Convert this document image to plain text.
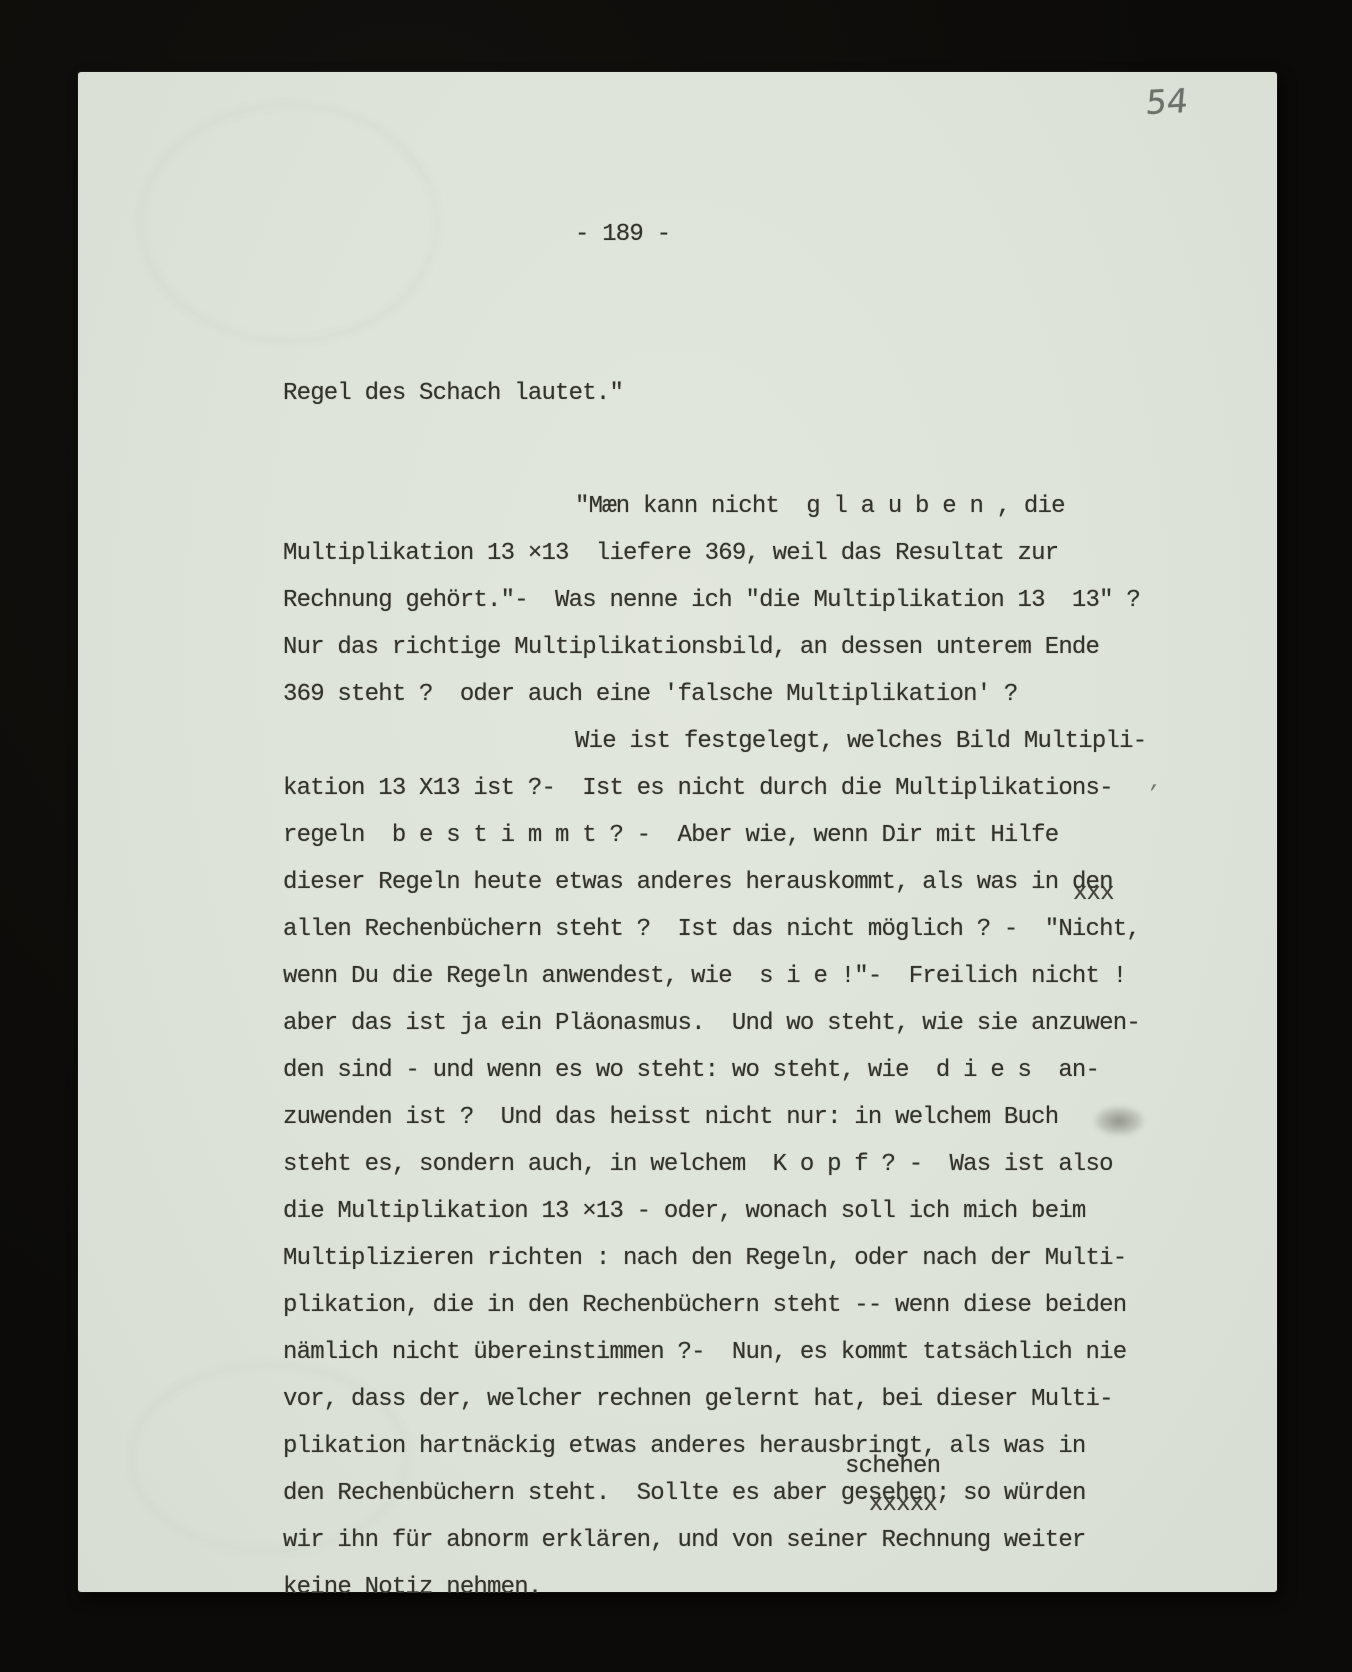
54

- 189 -

Regel des Schach lautet."
"Mæn kann nicht  g l a u b e n , die
Multiplikation 13 ×13  liefere 369, weil das Resultat zur
Rechnung gehört."-  Was nenne ich "die Multiplikation 13  13" ?
Nur das richtige Multiplikationsbild, an dessen unterem Ende
369 steht ?  oder auch eine 'falsche Multiplikation' ?
Wie ist festgelegt, welches Bild Multipli-
kation 13 X13 ist ?-  Ist es nicht durch die Multiplikations-
regeln  b e s t i m m t ? -  Aber wie, wenn Dir mit Hilfe
dieser Regeln heute etwas anderes herauskommt, als was in den xxx
allen Rechenbüchern steht ?  Ist das nicht möglich ? -  "Nicht,
wenn Du die Regeln anwendest, wie  s i e !"-  Freilich nicht !
aber das ist ja ein Pläonasmus.  Und wo steht, wie sie anzuwen-
den sind - und wenn es wo steht: wo steht, wie  d i e s  an-
zuwenden ist ?  Und das heisst nicht nur: in welchem Buch
steht es, sondern auch, in welchem  K o p f ? -  Was ist also
die Multiplikation 13 ×13 - oder, wonach soll ich mich beim
Multiplizieren richten : nach den Regeln, oder nach der Multi-
plikation, die in den Rechenbüchern steht -- wenn diese beiden
nämlich nicht übereinstimmen ?-  Nun, es kommt tatsächlich nie
vor, dass der, welcher rechnen gelernt hat, bei dieser Multi-
plikation hartnäckig etwas anderes herausbringt, als was in
den Rechenbüchern steht.  Sollte es aber gesehen xxxxx; so würden
schehen
wir ihn für abnorm erklären, und von seiner Rechnung weiter
keine Notiz nehmen.

’
